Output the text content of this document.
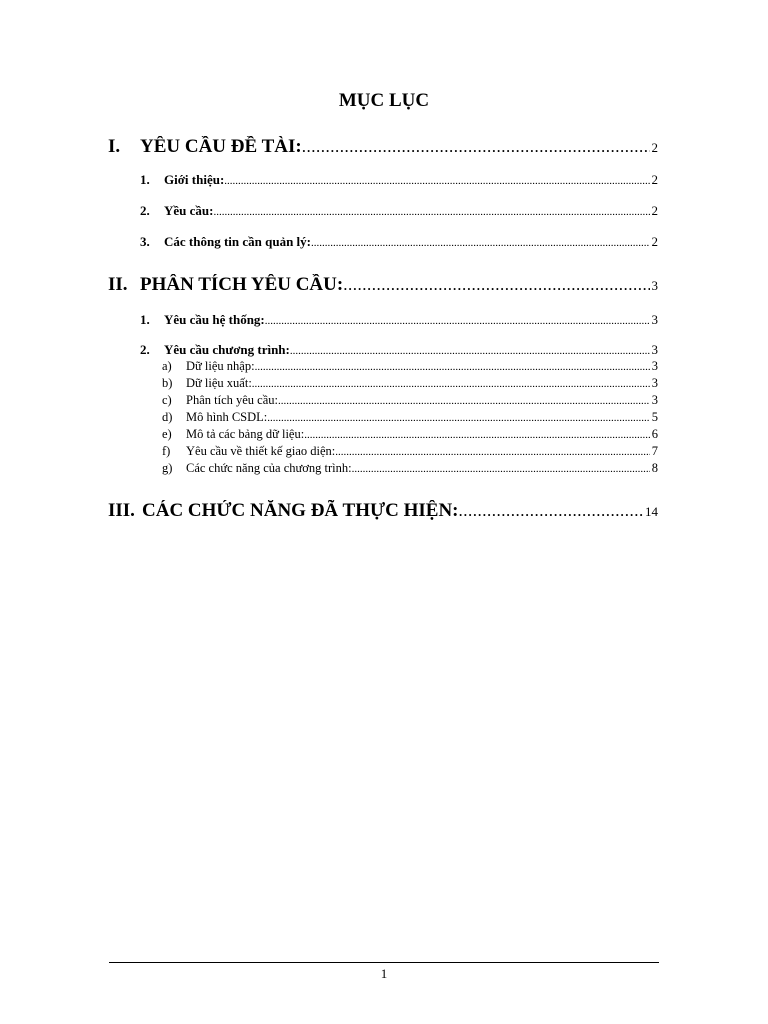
MỤC LỤC
I.	YÊU CẦU ĐỀ TÀI: .....	2
1.	Giới thiệu: .....	2
2.	Yều cầu: .....	2
3.	Các thông tin cần quản lý: .....	2
II. PHÂN TÍCH YÊU CẦU: .....	3
1.	Yêu cầu hệ thống: .....	3
2.	Yêu cầu chương trình: .....	3
a)	Dữ liệu nhập: .....	3
b)	Dữ liệu xuất: .....	3
c)	Phân tích yêu cầu: .....	3
d)	Mô hình CSDL: .....	5
e)	Mô tả các bảng dữ liệu: .....	6
f)	Yêu cầu về thiết kế giao diện: .....	7
g)	Các chức năng của chương trình: .....	8
III. CÁC CHỨC NĂNG ĐÃ THỰC HIỆN: .....	14
1
